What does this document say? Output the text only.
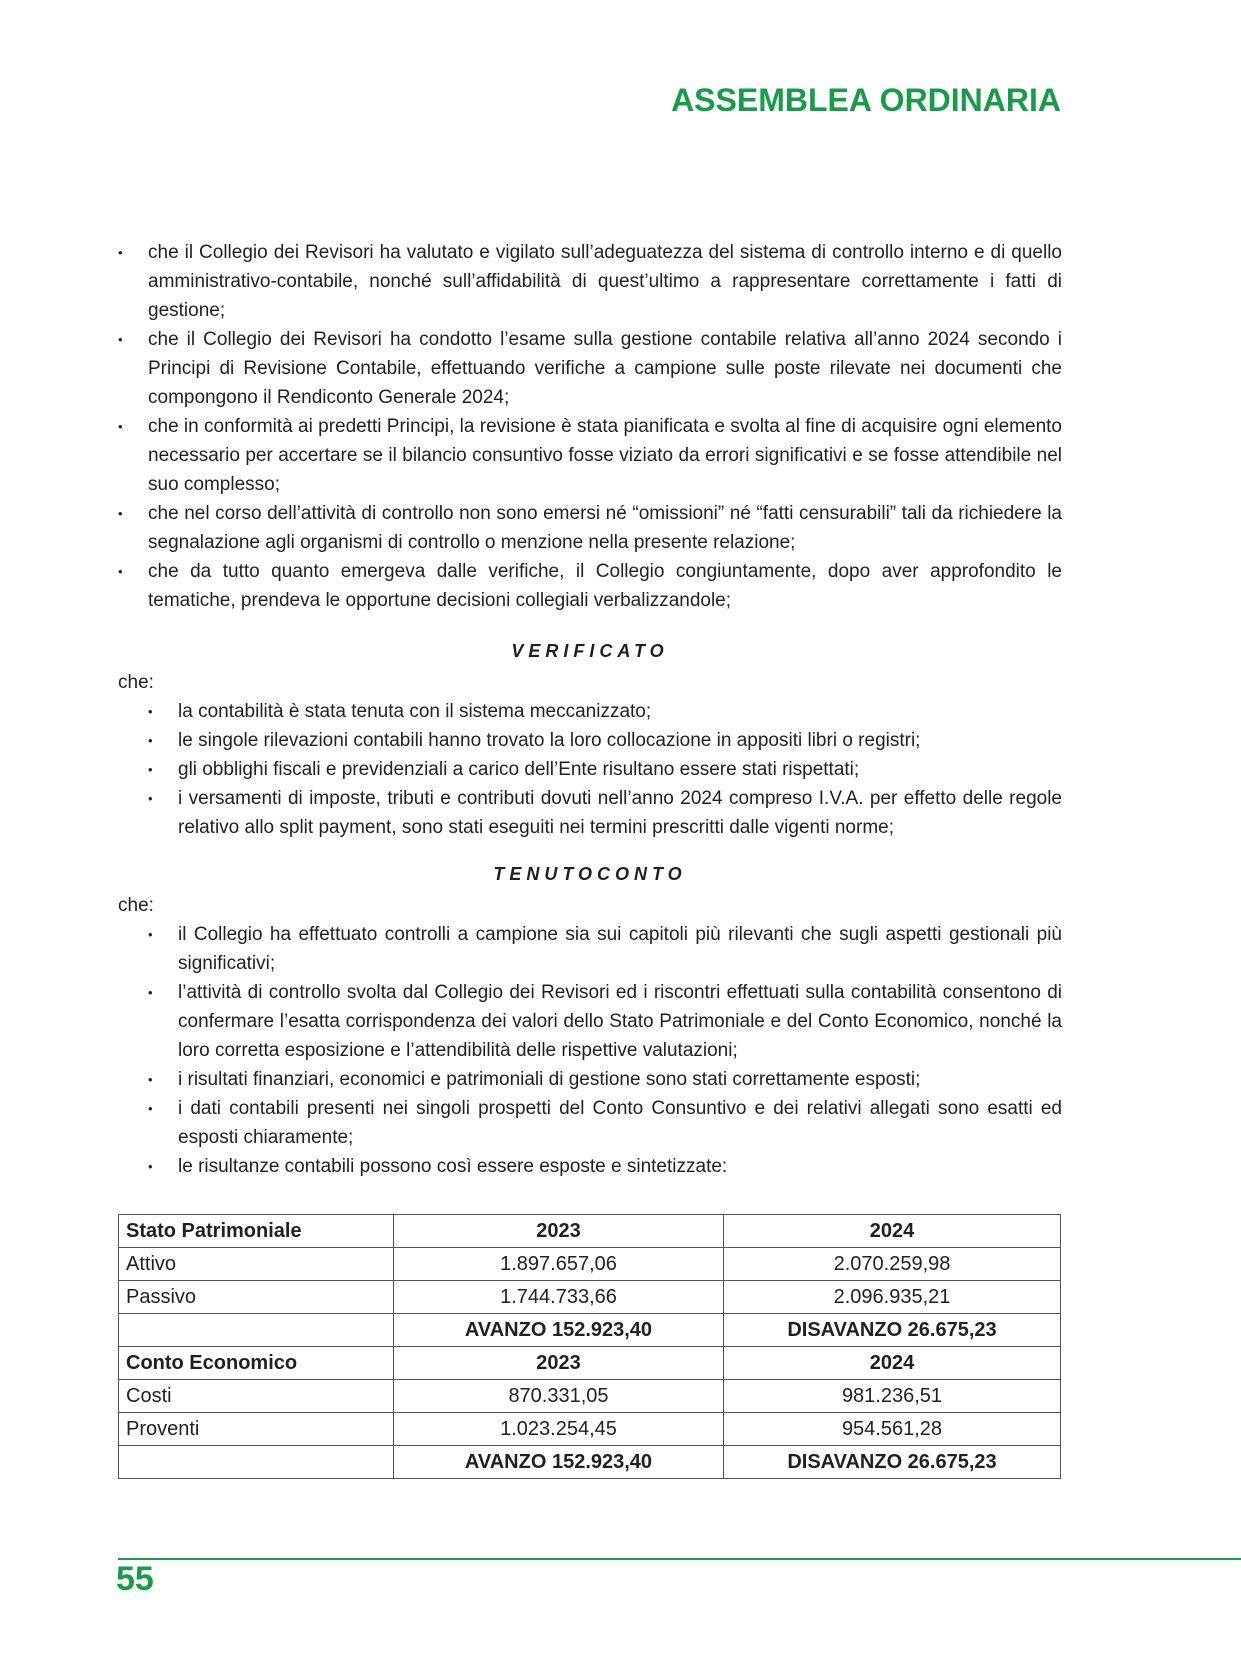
ASSEMBLEA ORDINARIA
• che il Collegio dei Revisori ha valutato e vigilato sull’adeguatezza del sistema di controllo interno e di quello amministrativo-contabile, nonché sull’affidabilità di quest’ultimo a rappresentare correttamente i fatti di gestione;
• che il Collegio dei Revisori ha condotto l’esame sulla gestione contabile relativa all’anno 2024 secondo i Principi di Revisione Contabile, effettuando verifiche a campione sulle poste rilevate nei documenti che compongono il Rendiconto Generale 2024;
• che in conformità ai predetti Principi, la revisione è stata pianificata e svolta al fine di acquisire ogni elemento necessario per accertare se il bilancio consuntivo fosse viziato da errori significativi e se fosse attendibile nel suo complesso;
• che nel corso dell’attività di controllo non sono emersi né “omissioni” né “fatti censurabili” tali da richiedere la segnalazione agli organismi di controllo o menzione nella presente relazione;
• che da tutto quanto emergeva dalle verifiche, il Collegio congiuntamente, dopo aver approfondito le tematiche, prendeva le opportune decisioni collegiali verbalizzandole;
VERIFICATO

che:

• la contabilità è stata tenuta con il sistema meccanizzato;
• le singole rilevazioni contabili hanno trovato la loro collocazione in appositi libri o registri;
• gli obblighi fiscali e previdenziali a carico dell’Ente risultano essere stati rispettati;
• i versamenti di imposte, tributi e contributi dovuti nell’anno 2024 compreso I.V.A. per effetto delle regole relativo allo split payment, sono stati eseguiti nei termini prescritti dalle vigenti norme;
TENUTOCONTO

che:

• il Collegio ha effettuato controlli a campione sia sui capitoli più rilevanti che sugli aspetti gestionali più significativi;
• l’attività di controllo svolta dal Collegio dei Revisori ed i riscontri effettuati sulla contabilità consentono di confermare l’esatta corrispondenza dei valori dello Stato Patrimoniale e del Conto Economico, nonché la loro corretta esposizione e l’attendibilità delle rispettive valutazioni;
• i risultati finanziari, economici e patrimoniali di gestione sono stati correttamente esposti;
• i dati contabili presenti nei singoli prospetti del Conto Consuntivo e dei relativi allegati sono esatti ed esposti chiaramente;
• le risultanze contabili possono così essere esposte e sintetizzate:
Stato Patrimoniale	2023	2024
Attivo	1.897.657,06	2.070.259,98
Passivo	1.744.733,66	2.096.935,21
	AVANZO 152.923,40	DISAVANZO 26.675,23
Conto Economico	2023	2024
Costi	870.331,05	981.236,51
Proventi	1.023.254,45	954.561,28
	AVANZO 152.923,40	DISAVANZO 26.675,23
55
